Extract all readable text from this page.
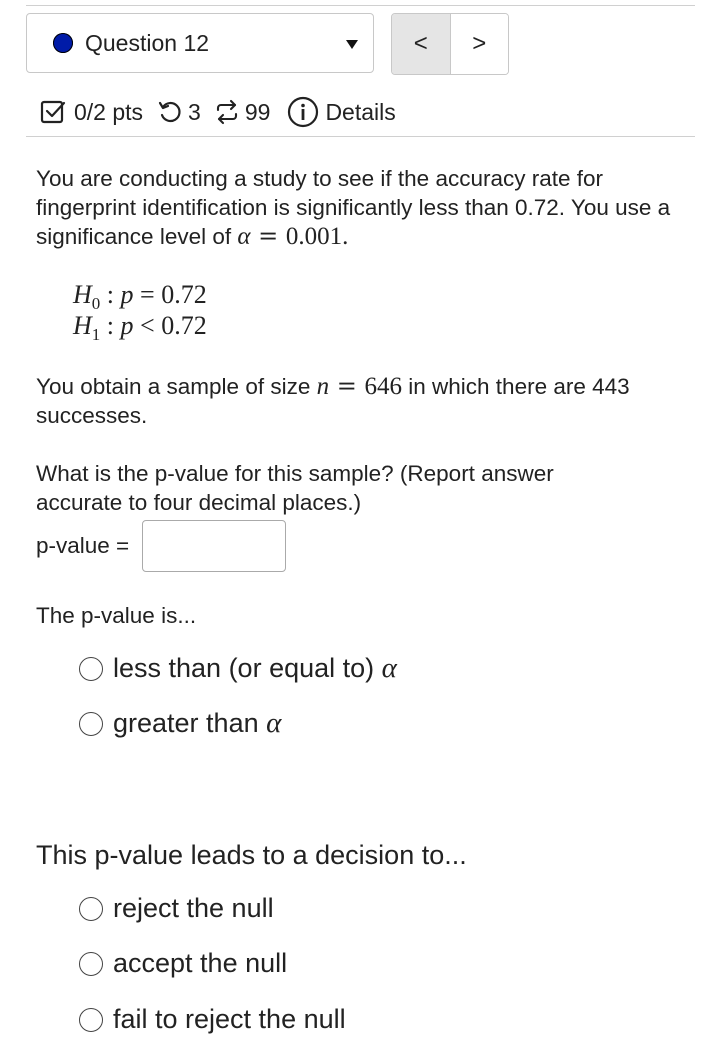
Question 12	<	>
0/2 pts 3 99 Details
You are conducting a study to see if the accuracy rate for fingerprint identification is significantly less than 0.72. You use a significance level of α = 0.001.
$H_0$ : p = 0.72
$H_1$ : p < 0.72
You obtain a sample of size n = 646 in which there are 443 successes.
What is the p-value for this sample? (Report answer accurate to four decimal places.)
p-value =
The p-value is...
less than (or equal to) α
greater than α
This p-value leads to a decision to...
reject the null
accept the null
fail to reject the null
